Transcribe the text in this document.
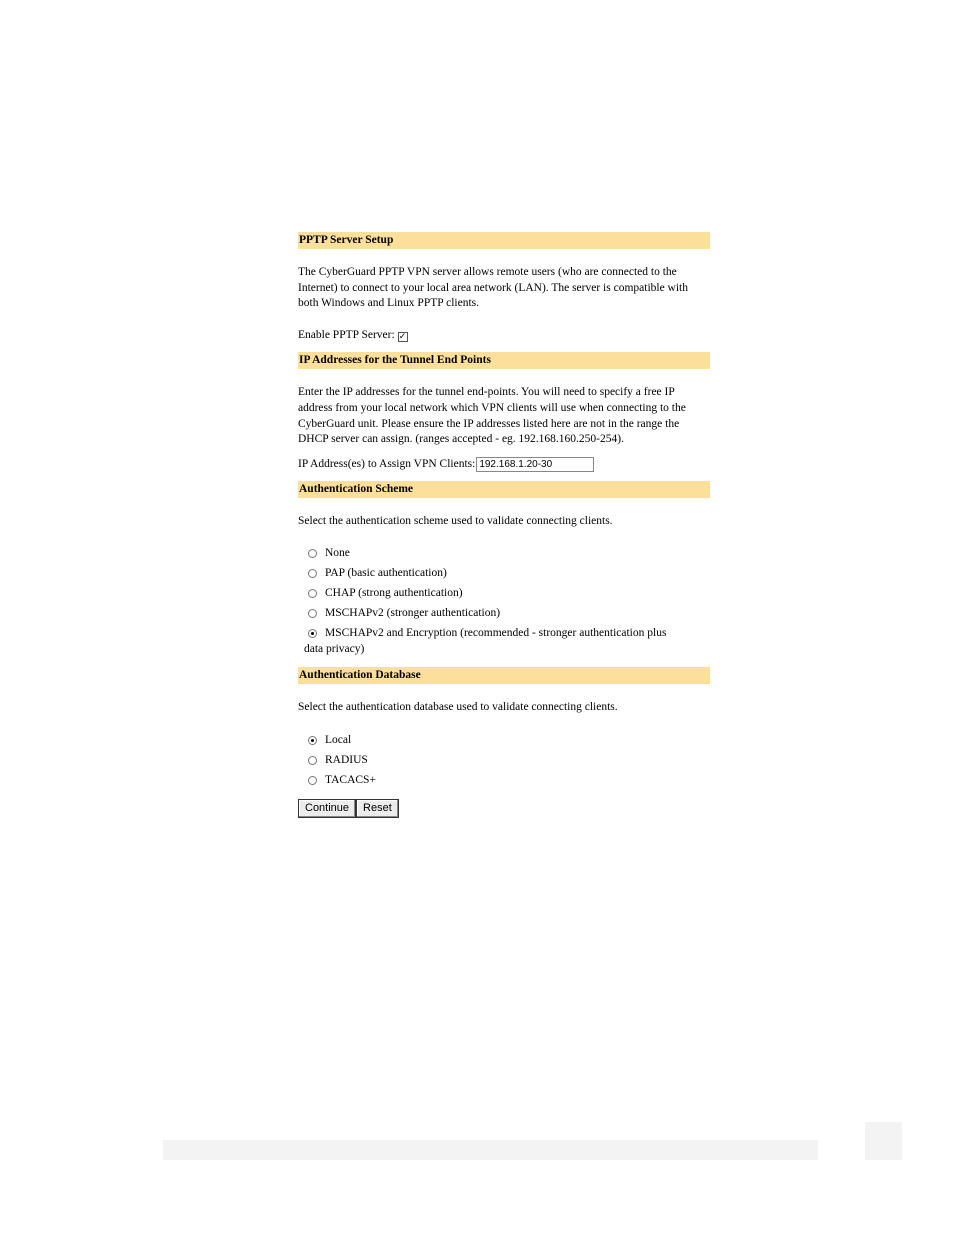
PPTP Server Setup

The CyberGuard PPTP VPN server allows remote users (who are connected to the Internet) to connect to your local area network (LAN). The server is compatible with both Windows and Linux PPTP clients.

Enable PPTP Server: ✓

IP Addresses for the Tunnel End Points

Enter the IP addresses for the tunnel end-points. You will need to specify a free IP address from your local network which VPN clients will use when connecting to the CyberGuard unit. Please ensure the IP addresses listed here are not in the range the DHCP server can assign. (ranges accepted - eg. 192.168.160.250-254).

IP Address(es) to Assign VPN Clients:192.168.1.20-30

Authentication Scheme

Select the authentication scheme used to validate connecting clients.

None
PAP (basic authentication)
CHAP (strong authentication)
MSCHAPv2 (stronger authentication)
MSCHAPv2 and Encryption (recommended - stronger authentication plus
data privacy)
Authentication Database

Select the authentication database used to validate connecting clients.

Local
RADIUS
TACACS+
Continue Reset
